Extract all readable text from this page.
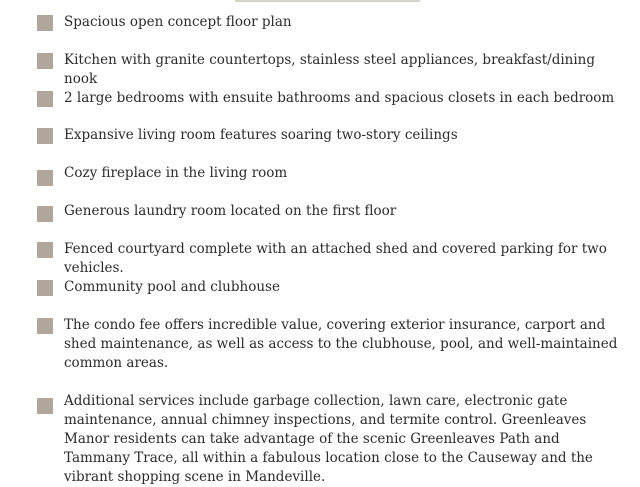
Spacious open concept floor plan
Kitchen with granite countertops, stainless steel appliances, breakfast/dining nook
2 large bedrooms with ensuite bathrooms and spacious closets in each bedroom
Expansive living room features soaring two-story ceilings
Cozy fireplace in the living room
Generous laundry room located on the first floor
Fenced courtyard complete with an attached shed and covered parking for two vehicles.
Community pool and clubhouse
The condo fee offers incredible value, covering exterior insurance, carport and shed maintenance, as well as access to the clubhouse, pool, and well-maintained common areas.
Additional services include garbage collection, lawn care, electronic gate maintenance, annual chimney inspections, and termite control. Greenleaves Manor residents can take advantage of the scenic Greenleaves Path and Tammany Trace, all within a fabulous location close to the Causeway and the vibrant shopping scene in Mandeville.
